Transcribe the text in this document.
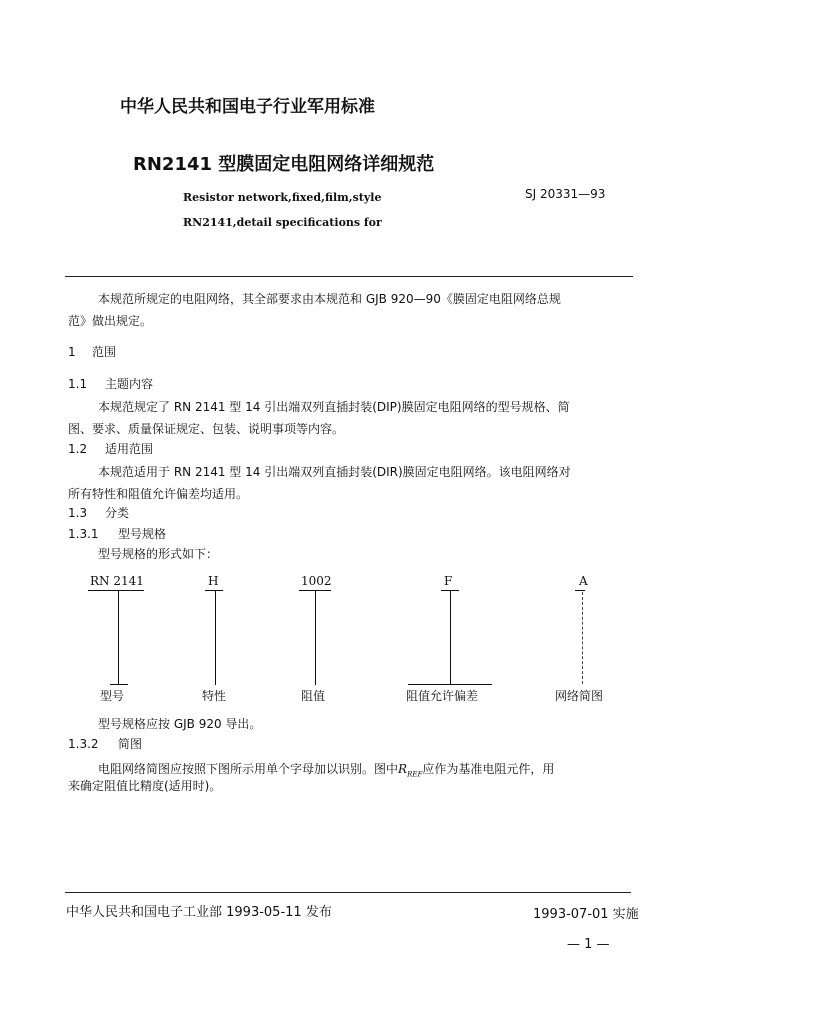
中华人民共和国电子行业军用标准
RN2141 型膜固定电阻网络详细规范
Resistor network,fixed,film,style
RN2141,detail specifications for
SJ 20331—93
本规范所规定的电阻网络，其全部要求由本规范和 GJB 920—90《膜固定电阻网络总规
范》做出规定。
1 范围
1.1 主题内容
本规范规定了 RN 2141 型 14 引出端双列直插封装(DIP)膜固定电阻网络的型号规格、简
图、要求、质量保证规定、包装、说明事项等内容。
1.2 适用范围
本规范适用于 RN 2141 型 14 引出端双列直插封装(DIR)膜固定电阻网络。该电阻网络对
所有特性和阻值允许偏差均适用。
1.3 分类
1.3.1 型号规格
型号规格的形式如下：
RN 2141
型号
H
特性
1002
阻值
F
阻值允许偏差
A
网络简图
型号规格应按 GJB 920 导出。
1.3.2 简图
电阻网络简图应按照下图所示用单个字母加以识别。图中$R_{REF}$应作为基准电阻元件，用
来确定阻值比精度(适用时)。
中华人民共和国电子工业部 1993-05-11 发布	1993-07-01 实施
— 1 —
